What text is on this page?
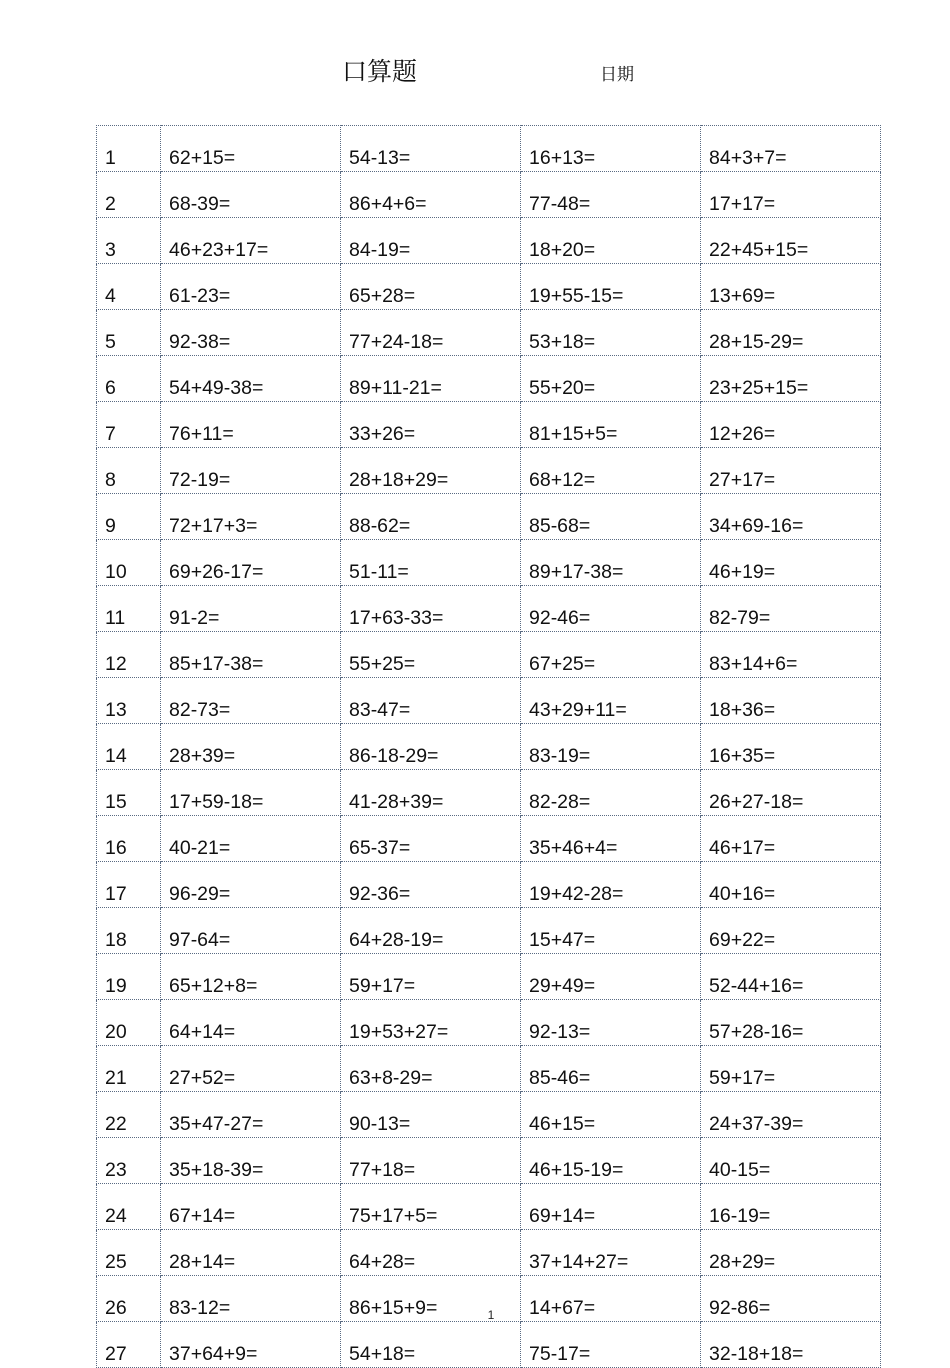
口算题	日期
1	62+15=	54-13=	16+13=	84+3+7=
2	68-39=	86+4+6=	77-48=	17+17=
3	46+23+17=	84-19=	18+20=	22+45+15=
4	61-23=	65+28=	19+55-15=	13+69=
5	92-38=	77+24-18=	53+18=	28+15-29=
6	54+49-38=	89+11-21=	55+20=	23+25+15=
7	76+11=	33+26=	81+15+5=	12+26=
8	72-19=	28+18+29=	68+12=	27+17=
9	72+17+3=	88-62=	85-68=	34+69-16=
10	69+26-17=	51-11=	89+17-38=	46+19=
11	91-2=	17+63-33=	92-46=	82-79=
12	85+17-38=	55+25=	67+25=	83+14+6=
13	82-73=	83-47=	43+29+11=	18+36=
14	28+39=	86-18-29=	83-19=	16+35=
15	17+59-18=	41-28+39=	82-28=	26+27-18=
16	40-21=	65-37=	35+46+4=	46+17=
17	96-29=	92-36=	19+42-28=	40+16=
18	97-64=	64+28-19=	15+47=	69+22=
19	65+12+8=	59+17=	29+49=	52-44+16=
20	64+14=	19+53+27=	92-13=	57+28-16=
21	27+52=	63+8-29=	85-46=	59+17=
22	35+47-27=	90-13=	46+15=	24+37-39=
23	35+18-39=	77+18=	46+15-19=	40-15=
24	67+14=	75+17+5=	69+14=	16-19=
25	28+14=	64+28=	37+14+27=	28+29=
26	83-12=	86+15+9=	14+67=	92-86=
27	37+64+9=	54+18=	75-17=	32-18+18=
1
